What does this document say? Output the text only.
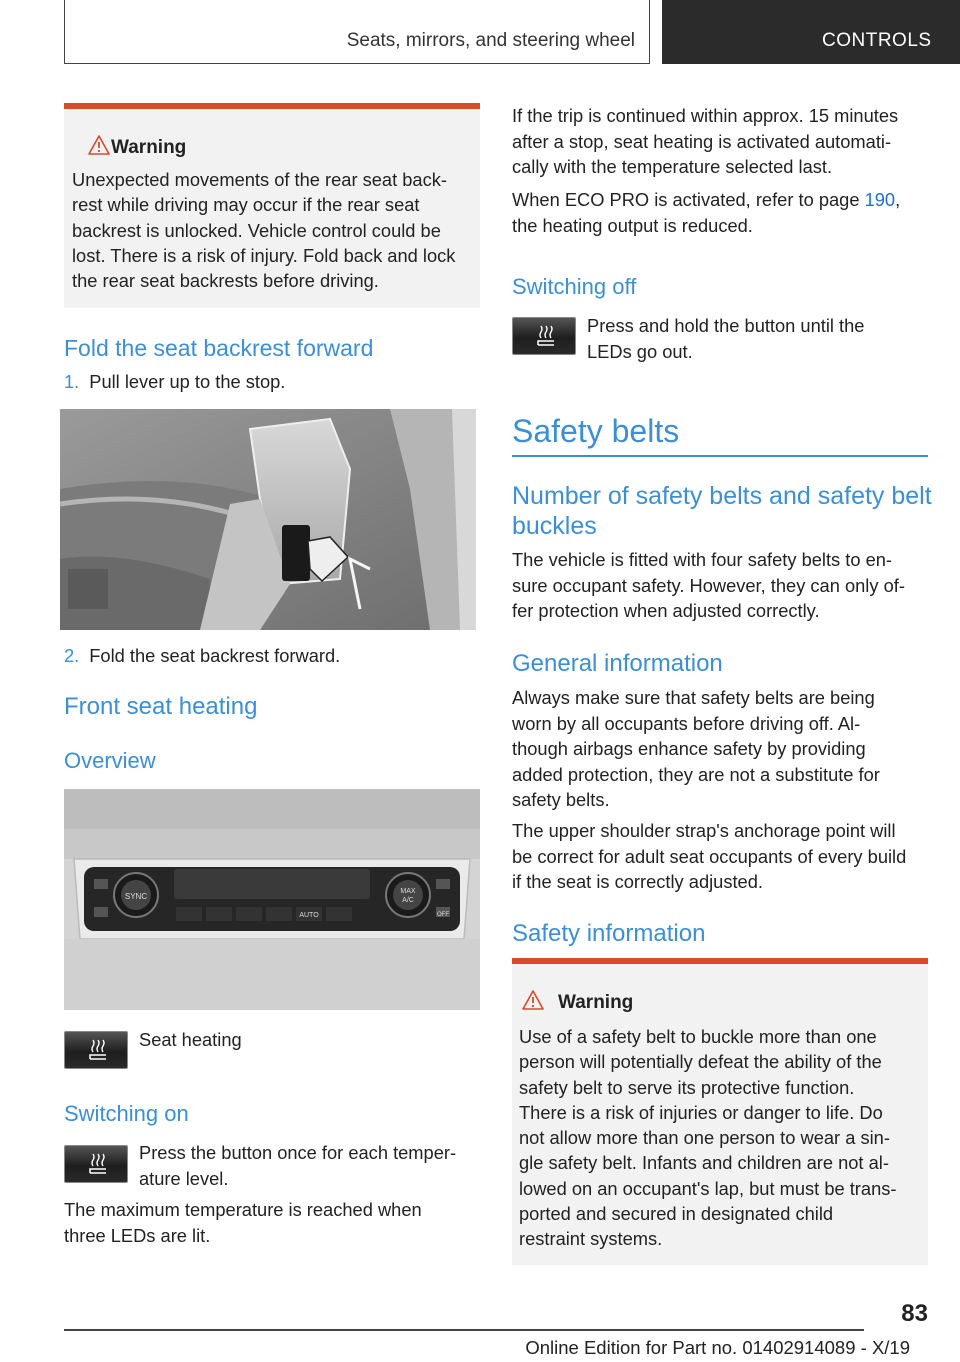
Seats, mirrors, and steering wheel	CONTROLS
Warning
Unexpected movements of the rear seat back-
rest while driving may occur if the rear seat
backrest is unlocked. Vehicle control could be
lost. There is a risk of injury. Fold back and lock
the rear seat backrests before driving.
Fold the seat backrest forward

1. Pull lever up to the stop.

2. Fold the seat backrest forward.

Front seat heating
Overview
SYNC
MAX
A/C
AUTO	OFF

Seat heating

Switching on
Press the button once for each temper-
ature level.
The maximum temperature is reached when
three LEDs are lit.
If the trip is continued within approx. 15 minutes
after a stop, seat heating is activated automati-
cally with the temperature selected last.
When ECO PRO is activated, refer to page 190,
the heating output is reduced.
Switching off
Press and hold the button until the
LEDs go out.
Safety belts
Number of safety belts and safety belt
buckles
The vehicle is fitted with four safety belts to en-
sure occupant safety. However, they can only of-
fer protection when adjusted correctly.
General information
Always make sure that safety belts are being
worn by all occupants before driving off. Al-
though airbags enhance safety by providing
added protection, they are not a substitute for
safety belts.
The upper shoulder strap's anchorage point will
be correct for adult seat occupants of every build
if the seat is correctly adjusted.
Safety information
Warning
Use of a safety belt to buckle more than one
person will potentially defeat the ability of the
safety belt to serve its protective function.
There is a risk of injuries or danger to life. Do
not allow more than one person to wear a sin-
gle safety belt. Infants and children are not al-
lowed on an occupant's lap, but must be trans-
ported and secured in designated child
restraint systems.
83
Online Edition for Part no. 01402914089 - X/19
